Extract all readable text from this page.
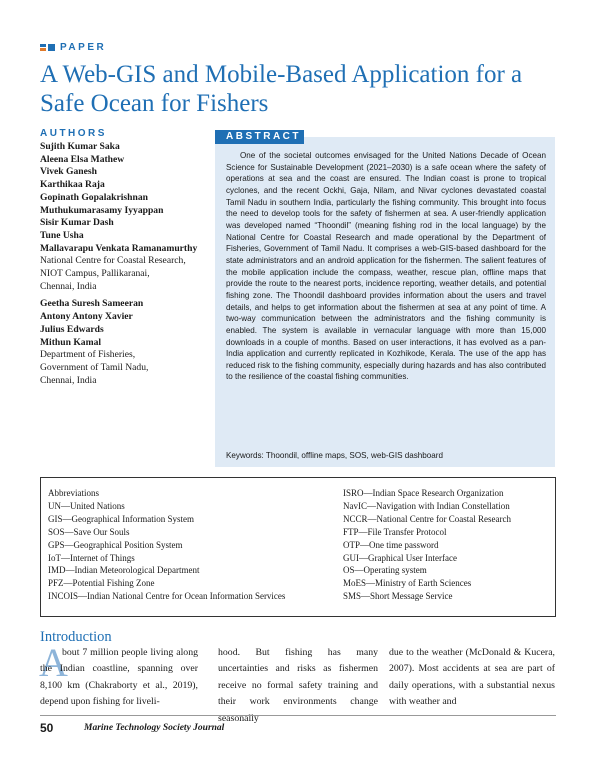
PAPER
A Web-GIS and Mobile-Based Application for a Safe Ocean for Fishers
AUTHORS
Sujith Kumar Saka
Aleena Elsa Mathew
Vivek Ganesh
Karthikaa Raja
Gopinath Gopalakrishnan
Muthukumarasamy Iyyappan
Sisir Kumar Dash
Tune Usha
Mallavarapu Venkata Ramanamurthy
National Centre for Coastal Research,
NIOT Campus, Pallikaranai,
Chennai, India
Geetha Suresh Sameeran
Antony Antony Xavier
Julius Edwards
Mithun Kamal
Department of Fisheries,
Government of Tamil Nadu,
Chennai, India
ABSTRACT

One of the societal outcomes envisaged for the United Nations Decade of Ocean Science for Sustainable Development (2021–2030) is a safe ocean where the safety of operations at sea and the coast are ensured. The Indian coast is prone to tropical cyclones, and the recent Ockhi, Gaja, Nilam, and Nivar cyclones devastated coastal Tamil Nadu in southern India, particularly the fishing community. This brought into focus the need to develop tools for the safety of fishermen at sea. A user-friendly application was developed named “Thoondil” (meaning fishing rod in the local language) by the National Centre for Coastal Research and made operational by the Department of Fisheries, Government of Tamil Nadu. It comprises a web-GIS-based dashboard for the state administrators and an android application for the fishermen. The salient features of the mobile application include the compass, weather, rescue plan, offline maps that provide the route to the nearest ports, incidence reporting, weather details, and potential fishing zone. The Thoondil dashboard provides information about the users and travel details, and helps to get information about the fishermen at sea at any point of time. A two-way communication between the administrators and the fishing community is enabled. The system is available in vernacular language with more than 15,000 downloads in a couple of months. Based on user interactions, it has evolved as a pan-India application and currently replicated in Kozhikode, Kerala. The use of the app has reduced risk to the fishing community, especially during hazards and has also contributed to the resilience of the coastal fishing communities.

Keywords: Thoondil, offline maps, SOS, web-GIS dashboard

Abbreviations
UN—United Nations
GIS—Geographical Information System
SOS—Save Our Souls
GPS—Geographical Position System
IoT—Internet of Things
IMD—Indian Meteorological Department
PFZ—Potential Fishing Zone
INCOIS—Indian National Centre for Ocean Information Services
ISRO—Indian Space Research Organization
NavIC—Navigation with Indian Constellation
NCCR—National Centre for Coastal Research
FTP—File Transfer Protocol
OTP—One time password
GUI—Graphical User Interface
OS—Operating system
MoES—Ministry of Earth Sciences
SMS—Short Message Service
Introduction
A

bout 7 million people living along the Indian coastline, spanning over 8,100 km (Chakraborty et al., 2019), depend upon fishing for liveli-

hood. But fishing has many uncertainties and risks as fishermen receive no formal safety training and their work environments change seasonally

due to the weather (McDonald & Kucera, 2007). Most accidents at sea are part of daily operations, with a substantial nexus with weather and

50	Marine Technology Society Journal
